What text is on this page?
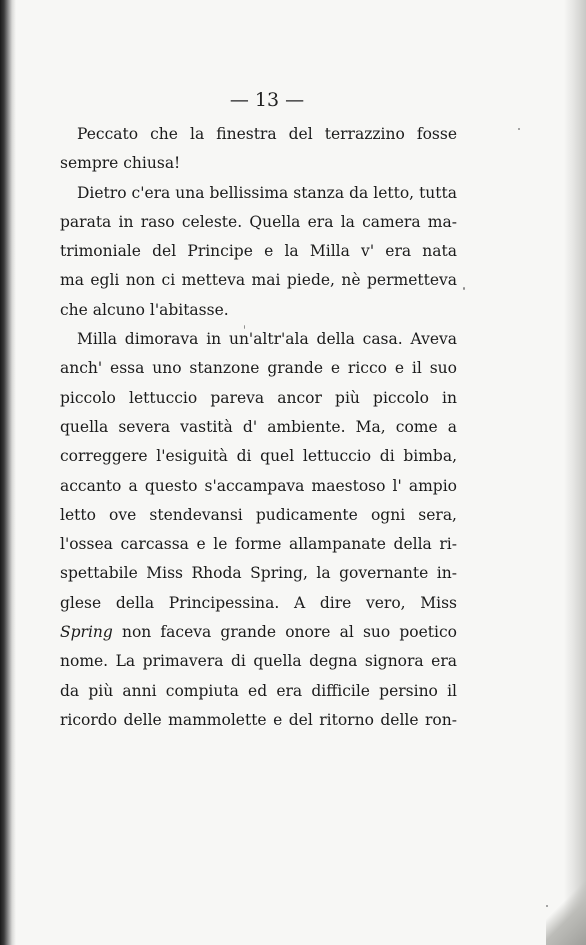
— 13 —
Peccato che la finestra del terrazzino fosse
sempre chiusa!
Dietro c'era una bellissima stanza da letto, tutta
parata in raso celeste. Quella era la camera ma-
trimoniale del Principe e la Milla v' era nata
ma egli non ci metteva mai piede, nè permetteva
che alcuno l'abitasse.
Milla dimorava in un'altr'ala della casa. Aveva
anch' essa uno stanzone grande e ricco e il suo
piccolo lettuccio pareva ancor più piccolo in
quella severa vastità d' ambiente. Ma, come a
correggere l'esiguità di quel lettuccio di bimba,
accanto a questo s'accampava maestoso l' ampio
letto ove stendevansi pudicamente ogni sera,
l'ossea carcassa e le forme allampanate della ri-
spettabile Miss Rhoda Spring, la governante in-
glese della Principessina. A dire vero, Miss
Spring non faceva grande onore al suo poetico
nome. La primavera di quella degna signora era
da più anni compiuta ed era difficile persino il
ricordo delle mammolette e del ritorno delle ron-
